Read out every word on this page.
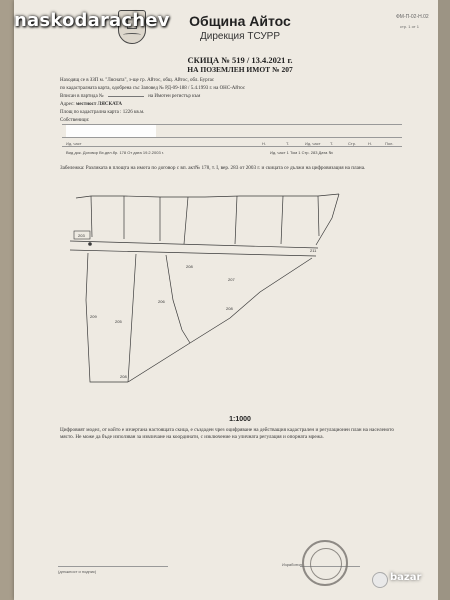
Община Айтос
Дирекция ТСУРР
ФМ-П-02-Н.02
стр. 1 от 1
naskodarachev
СКИЦА № 519 / 13.4.2021 г.
НА ПОЗЕМЛЕН ИМОТ № 207
Находящ се в ЗЗП м. "Лясната", з-ще гр. Айтос, общ. Айтос, обл. Бургас
по кадастралната карта, одобрена със Заповед № РД-09-188 / 5.4.1993 г. на ОНС-Айтос
Вписан в партида №	на Имотен регистър към
Адрес: местност ЛЯСКАТА
Площ по кадастрална карта : 1226 кв.м.
Собственици:
Ид. част	Н.	Т.	Ид. част Т.	Стр.	Н.	Пол.
Вид док. Договор Вх.дел.бр. 178 От дата 19.2.2003 г.	Ид. част 1 Том 1 Стр. 283 Дата №
Забележка: Разликата в площта на имота по договор с вп. акт№ 178, т. I, вер. 283 от 2003 г. и скицата се дължи на цифровизация на плана.
205
206
207
208
211
209
208
208
203
1:1000
Цифровият модел, от който е изчертана настоящата скица, е създаден чрез оцифряване на действащия кадастрален и регулационен план на населеното място. Не може да бъде използван за извличане на координати, с изключение на уличната регулация и опорната мрежа.
(длъжност и подпис)
Изработил:
bazar
